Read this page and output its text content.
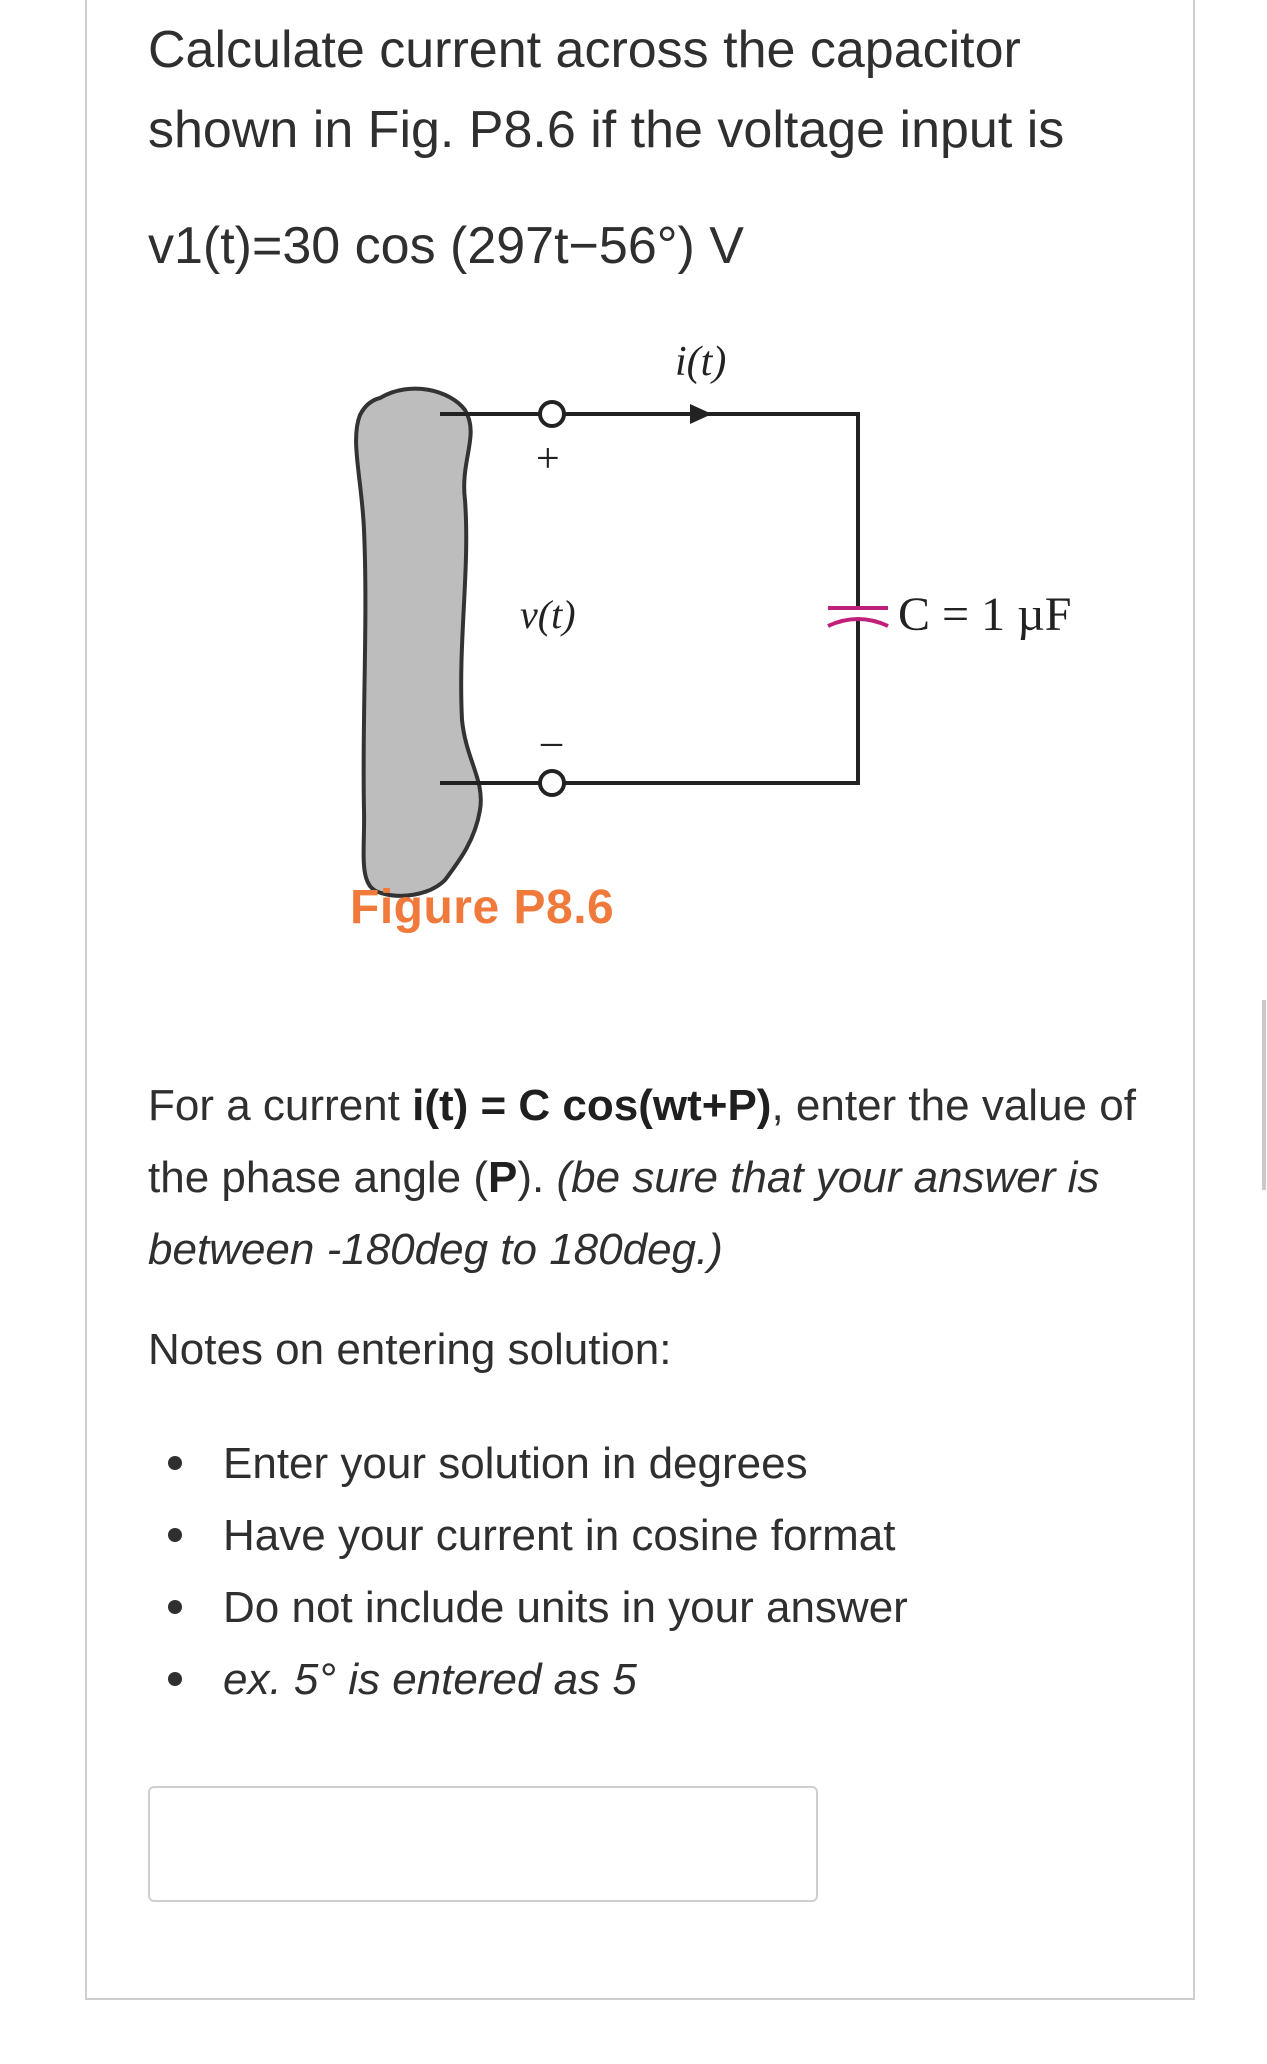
Calculate current across the capacitor
shown in Fig. P8.6 if the voltage input is
v1(t)=30 cos (297t−56°) V
i(t)
+
v(t)
–
C = 1 µF
Figure P8.6
For a current i(t) = C cos(wt+P), enter the value of the phase angle (P). (be sure that your answer is between -180deg to 180deg.)
Notes on entering solution:
Enter your solution in degrees
Have your current in cosine format
Do not include units in your answer
ex. 5° is entered as 5
